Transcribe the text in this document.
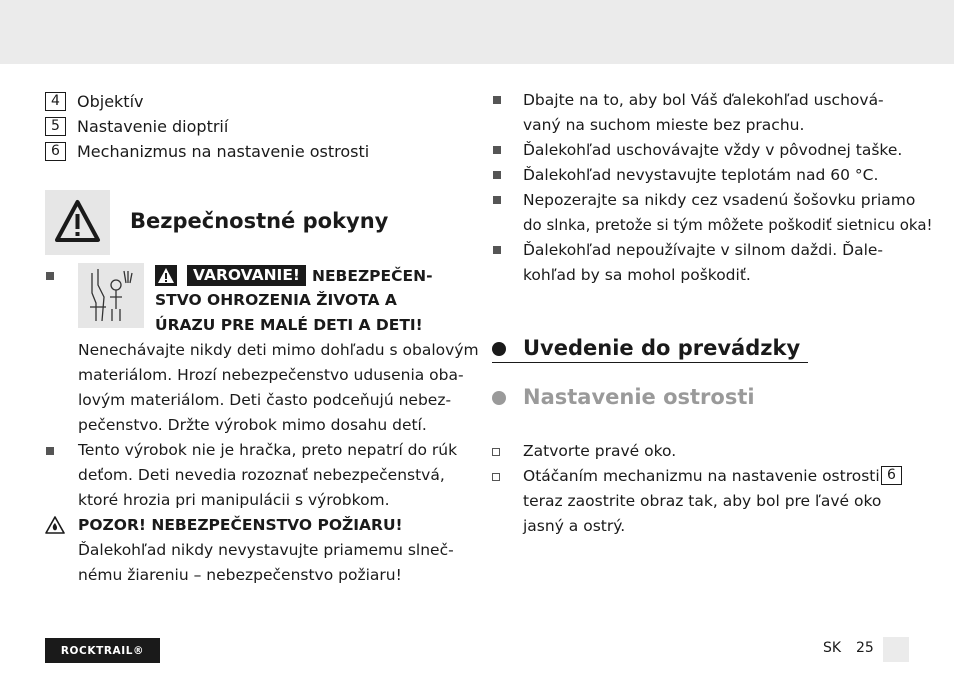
4	Objektív
5	Nastavenie dioptrií
6	Mechanizmus na nastavenie ostrosti
Bezpečnostné pokyny
VAROVANIE! NEBEZPEČEN-
STVO OHROZENIA ŽIVOTA A
ÚRAZU PRE MALÉ DETI A DETI!
Nenechávajte nikdy deti mimo dohľadu s obalovým
materiálom. Hrozí nebezpečenstvo udusenia oba-
lovým materiálom. Deti často podceňujú nebez-
pečenstvo. Držte výrobok mimo dosahu detí.
Tento výrobok nie je hračka, preto nepatrí do rúk
deťom. Deti nevedia rozoznať nebezpečenstvá,
ktoré hrozia pri manipulácii s výrobkom.
POZOR! NEBEZPEČENSTVO POŽIARU!
Ďalekohľad nikdy nevystavujte priamemu slneč-
nému žiareniu – nebezpečenstvo požiaru!
Dbajte na to, aby bol Váš ďalekohľad uschová-
vaný na suchom mieste bez prachu.
Ďalekohľad uschovávajte vždy v pôvodnej taške.
Ďalekohľad nevystavujte teplotám nad 60 °C.
Nepozerajte sa nikdy cez vsadenú šošovku priamo
do slnka, pretože si tým môžete poškodiť sietnicu oka!
Ďalekohľad nepoužívajte v silnom daždi. Ďale-
kohľad by sa mohol poškodiť.
Uvedenie do prevádzky
Nastavenie ostrosti
Zatvorte pravé oko.
Otáčaním mechanizmu na nastavenie ostrosti 6
teraz zaostrite obraz tak, aby bol pre ľavé oko
jasný a ostrý.
ROCKTRAIL®	SK 25
